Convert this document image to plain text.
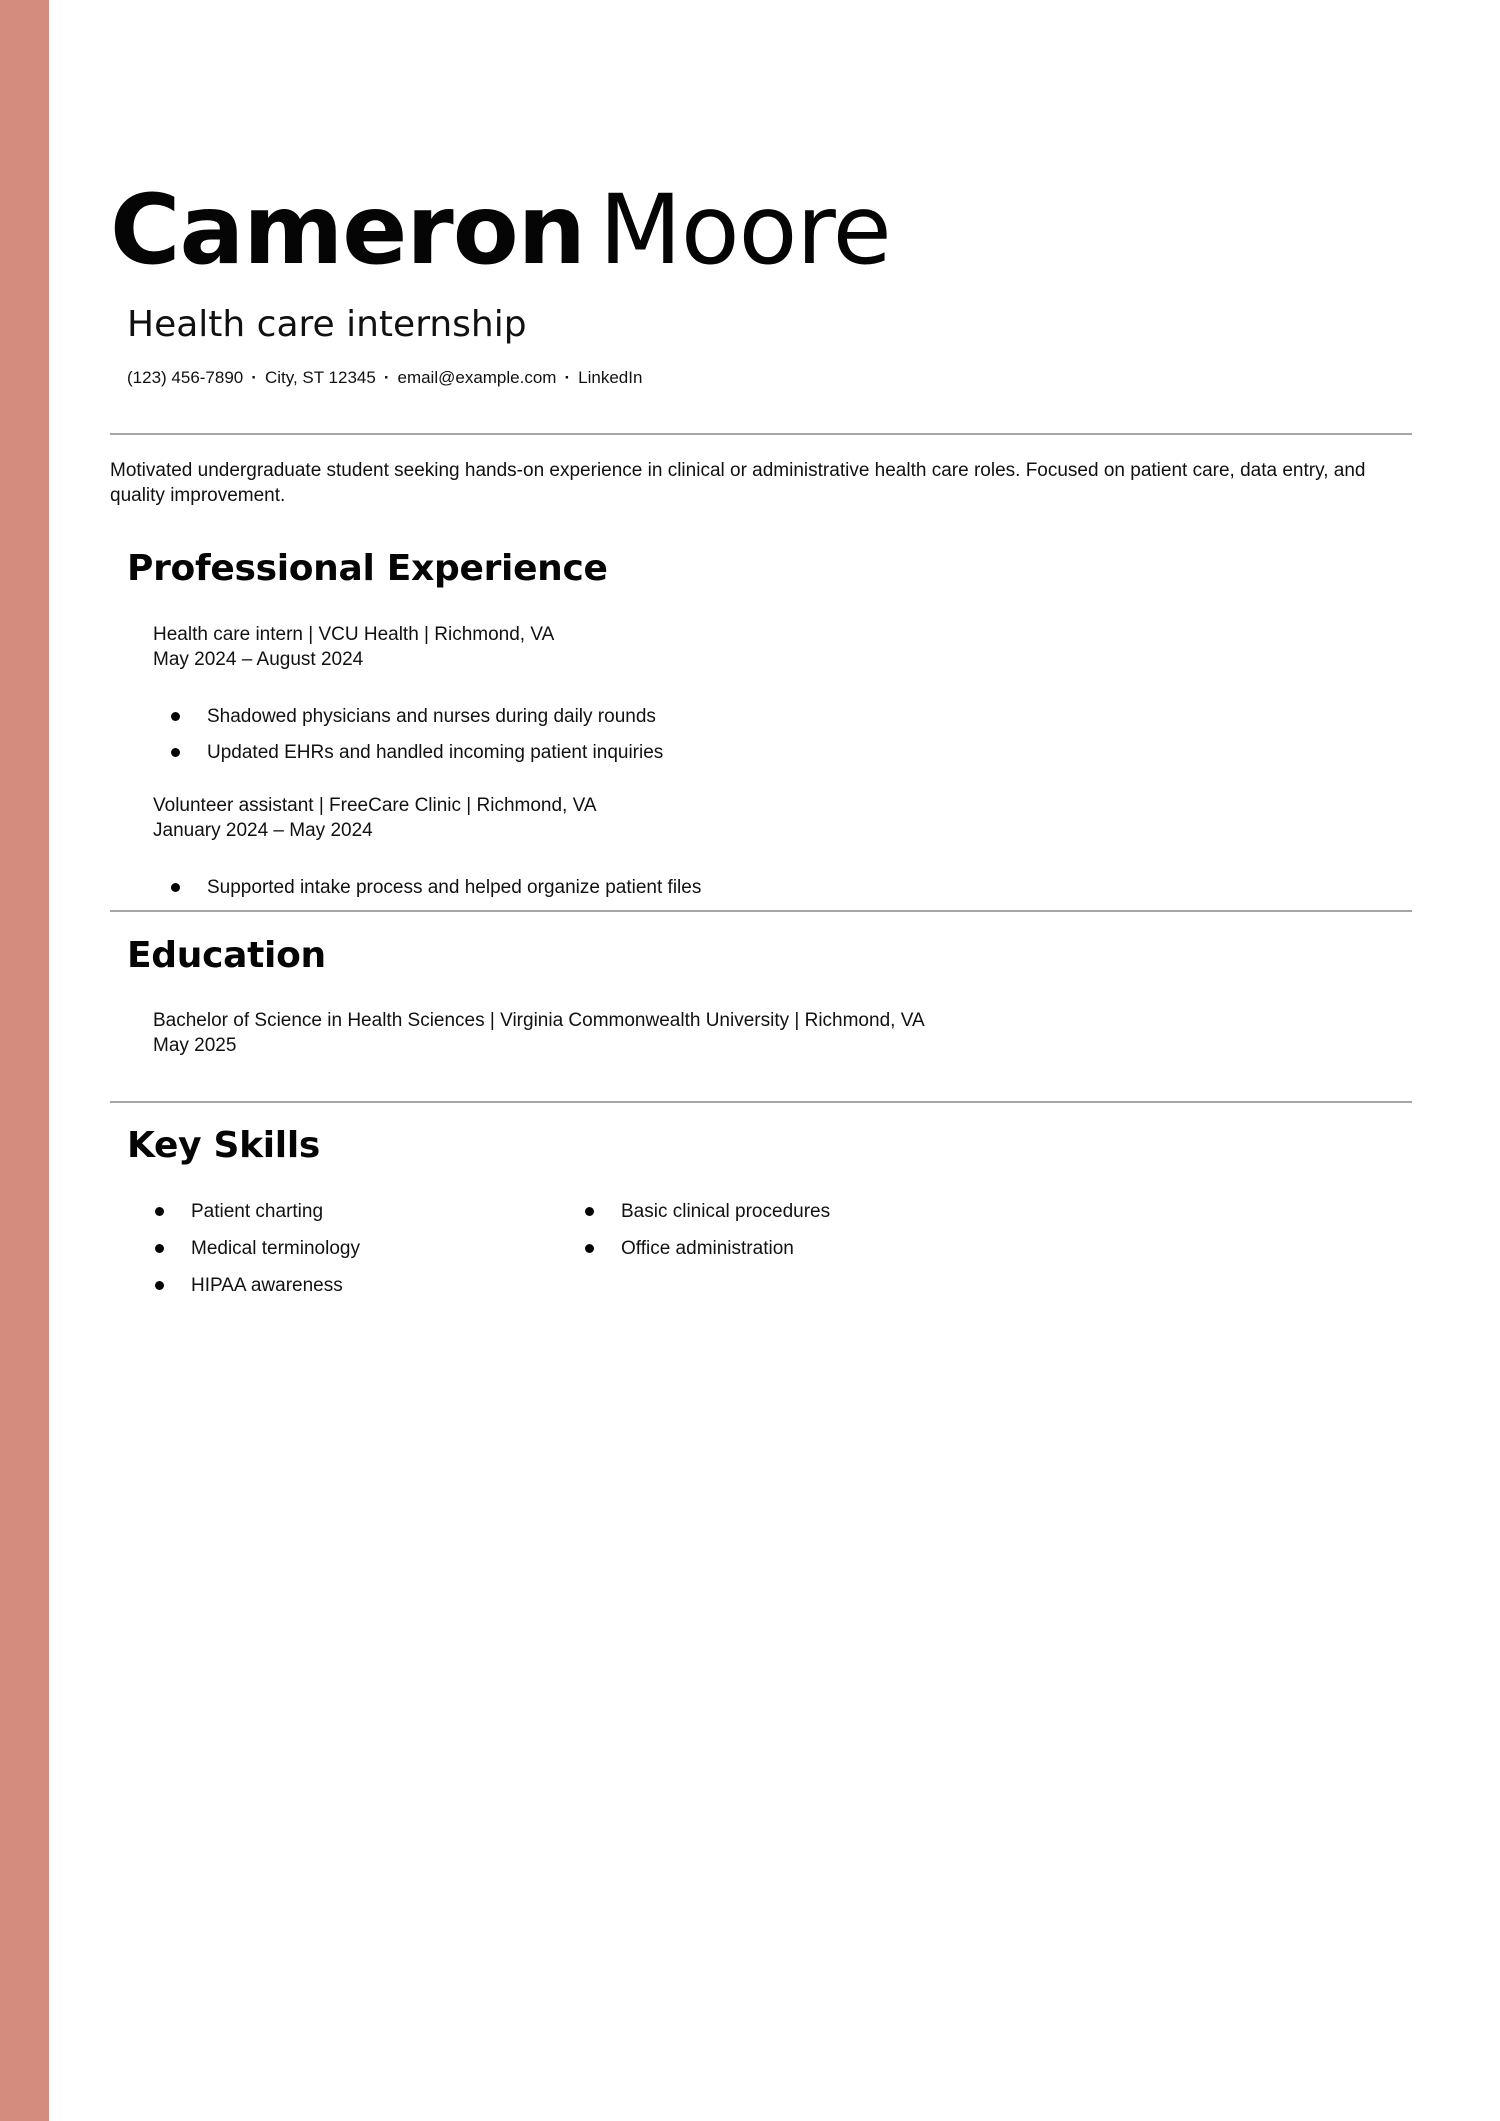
Cameron Moore
Health care internship
(123) 456-7890 · City, ST 12345 · email@example.com · LinkedIn

Motivated undergraduate student seeking hands-on experience in clinical or administrative health care roles. Focused on patient care, data entry, and quality improvement.

Professional Experience

Health care intern | VCU Health | Richmond, VA

May 2024 – August 2024

Shadowed physicians and nurses during daily rounds
Updated EHRs and handled incoming patient inquiries

Volunteer assistant | FreeCare Clinic | Richmond, VA

January 2024 – May 2024

Supported intake process and helped organize patient files
Education

Bachelor of Science in Health Sciences | Virginia Commonwealth University | Richmond, VA

May 2025

Key Skills
Patient charting
Medical terminology
HIPAA awareness
Basic clinical procedures
Office administration
